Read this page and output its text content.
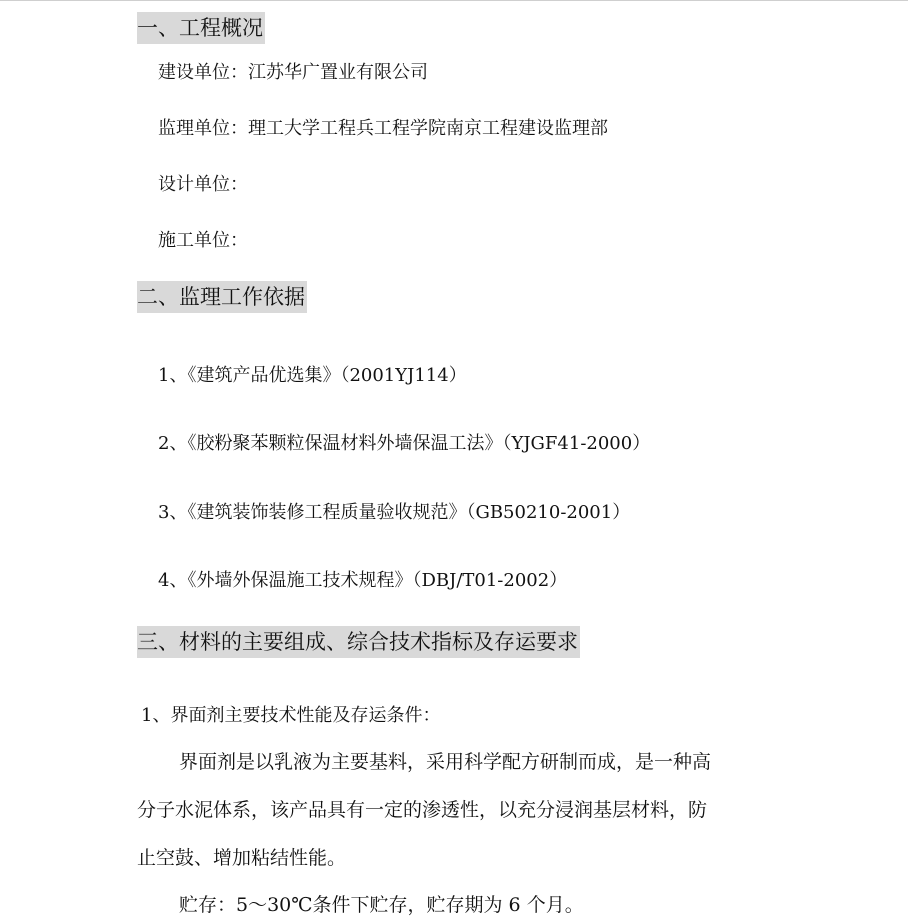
一、工程概况
建设单位：江苏华广置业有限公司
监理单位：理工大学工程兵工程学院南京工程建设监理部
设计单位：
施工单位：
二、监理工作依据
1、《建筑产品优选集》（2001YJ114）
2、《胶粉聚苯颗粒保温材料外墙保温工法》（YJGF41-2000）
3、《建筑装饰装修工程质量验收规范》（GB50210-2001）
4、《外墙外保温施工技术规程》（DBJ/T01-2002）
三、材料的主要组成、综合技术指标及存运要求
1、界面剂主要技术性能及存运条件：
界面剂是以乳液为主要基料，采用科学配方研制而成，是一种高
分子水泥体系，该产品具有一定的渗透性，以充分浸润基层材料，防
止空鼓、增加粘结性能。
贮存：5～30℃条件下贮存，贮存期为 6 个月。
